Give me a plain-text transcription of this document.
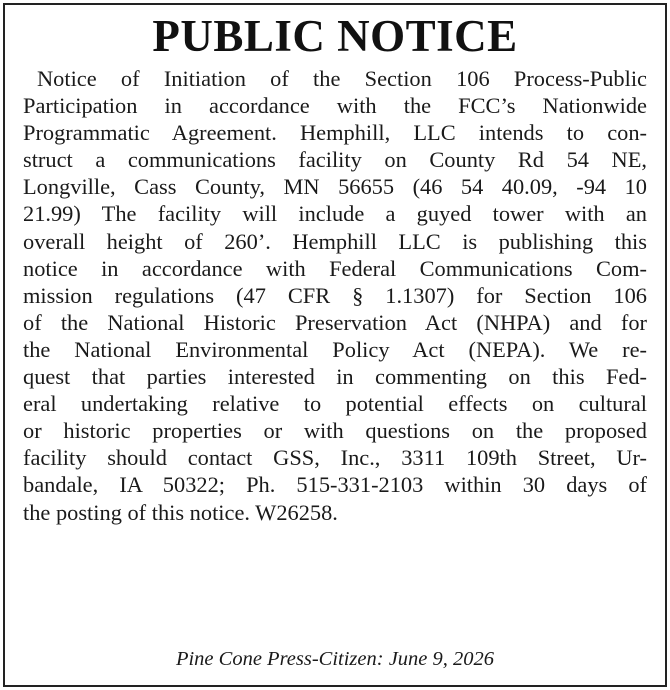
PUBLIC NOTICE
Notice of Initiation of the Section 106 Process-Public
Participation in accordance with the FCC’s Nationwide
Programmatic Agreement. Hemphill, LLC intends to con-
struct a communications facility on County Rd 54 NE,
Longville, Cass County, MN 56655 (46 54 40.09, -94 10
21.99) The facility will include a guyed tower with an
overall height of 260’. Hemphill LLC is publishing this
notice in accordance with Federal Communications Com-
mission regulations (47 CFR § 1.1307) for Section 106
of the National Historic Preservation Act (NHPA) and for
the National Environmental Policy Act (NEPA). We re-
quest that parties interested in commenting on this Fed-
eral undertaking relative to potential effects on cultural
or historic properties or with questions on the proposed
facility should contact GSS, Inc., 3311 109th Street, Ur-
bandale, IA 50322; Ph. 515-331-2103 within 30 days of
the posting of this notice. W26258.
Pine Cone Press-Citizen: June 9, 2026
